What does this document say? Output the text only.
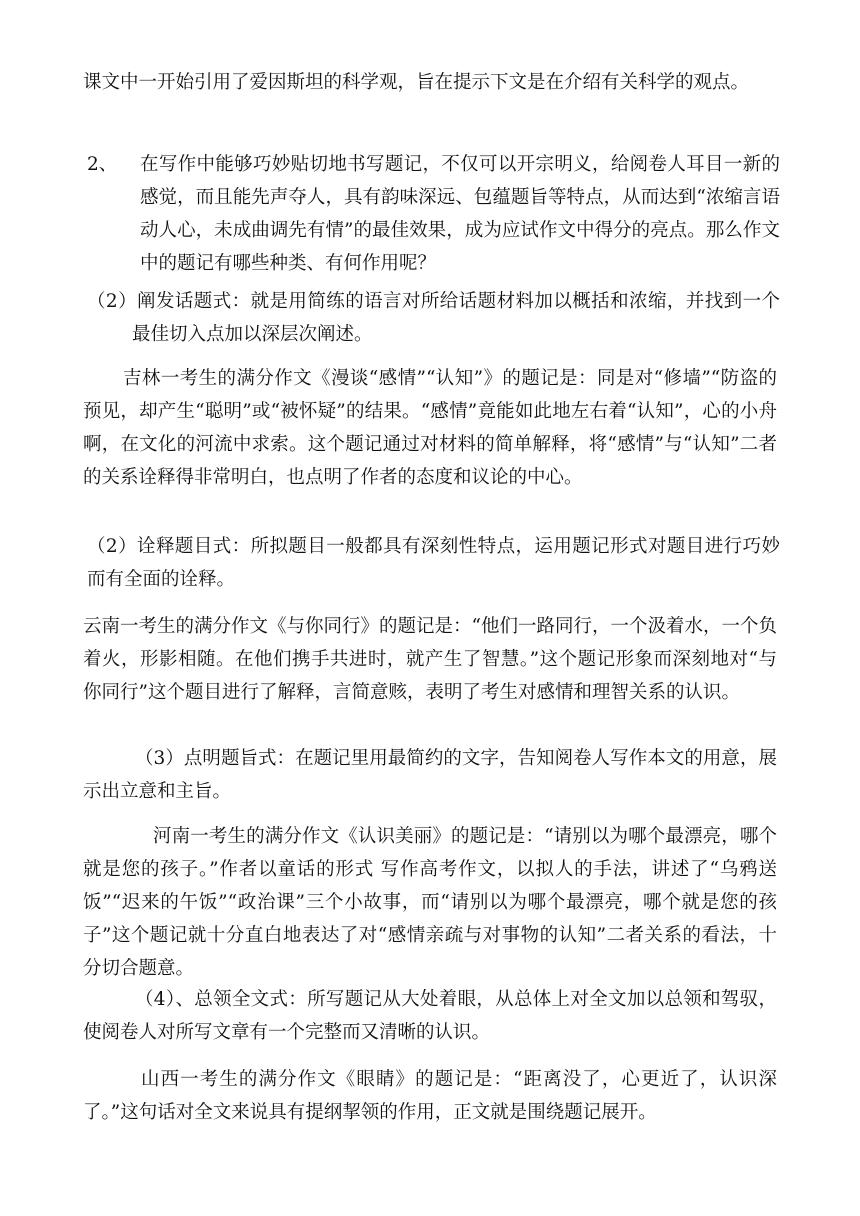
课文中一开始引用了爱因斯坦的科学观，旨在提示下文是在介绍有关科学的观点。

2、 在写作中能够巧妙贴切地书写题记，不仅可以开宗明义，给阅卷人耳目一新的感觉，而且能先声夺人，具有韵味深远、包蕴题旨等特点，从而达到“浓缩言语动人心，未成曲调先有情”的最佳效果，成为应试作文中得分的亮点。那么作文中的题记有哪些种类、有何作用呢？

（2）阐发话题式：就是用简练的语言对所给话题材料加以概括和浓缩，并找到一个最佳切入点加以深层次阐述。

吉林一考生的满分作文《漫谈“感情”“认知”》的题记是：同是对“修墙”“防盗的预见，却产生“聪明”或“被怀疑”的结果。“感情”竟能如此地左右着“认知”，心的小舟啊，在文化的河流中求索。这个题记通过对材料的简单解释，将“感情”与“认知”二者的关系诠释得非常明白，也点明了作者的态度和议论的中心。

（2）诠释题目式：所拟题目一般都具有深刻性特点，运用题记形式对题目进行巧妙而有全面的诠释。

云南一考生的满分作文《与你同行》的题记是：“他们一路同行，一个汲着水，一个负着火，形影相随。在他们携手共进时，就产生了智慧。”这个题记形象而深刻地对“与你同行”这个题目进行了解释，言简意赅，表明了考生对感情和理智关系的认识。

（3）点明题旨式：在题记里用最简约的文字，告知阅卷人写作本文的用意，展示出立意和主旨。

河南一考生的满分作文《认识美丽》的题记是：“请别以为哪个最漂亮，哪个就是您的孩子。”作者以童话的形式 写作高考作文，以拟人的手法，讲述了“乌鸦送饭”“迟来的午饭”“政治课”三个小故事，而“请别以为哪个最漂亮，哪个就是您的孩子”这个题记就十分直白地表达了对“感情亲疏与对事物的认知”二者关系的看法，十分切合题意。

（4）、总领全文式：所写题记从大处着眼，从总体上对全文加以总领和驾驭，使阅卷人对所写文章有一个完整而又清晰的认识。

山西一考生的满分作文《眼睛》的题记是：“距离没了，心更近了，认识深了。”这句话对全文来说具有提纲挈领的作用，正文就是围绕题记展开。
